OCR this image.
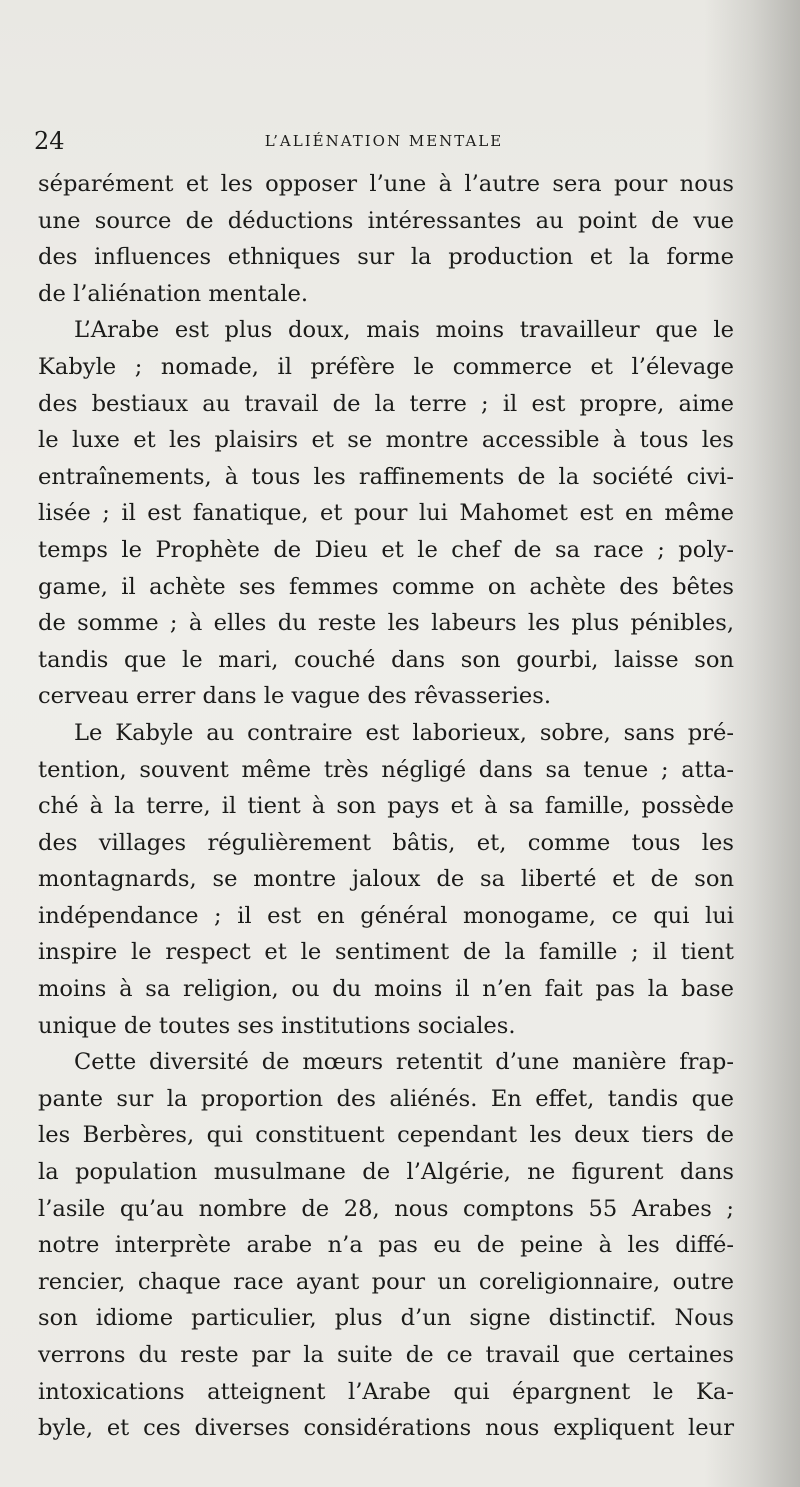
24	L’ALIÉNATION MENTALE
séparément et les opposer l’une à l’autre sera pour nous
une source de déductions intéressantes au point de vue
des influences ethniques sur la production et la forme
de l’aliénation mentale.
L’Arabe est plus doux, mais moins travailleur que le
Kabyle ; nomade, il préfère le commerce et l’élevage
des bestiaux au travail de la terre ; il est propre, aime
le luxe et les plaisirs et se montre accessible à tous les
entraînements, à tous les raffinements de la société civi-
lisée ; il est fanatique, et pour lui Mahomet est en même
temps le Prophète de Dieu et le chef de sa race ; poly-
game, il achète ses femmes comme on achète des bêtes
de somme ; à elles du reste les labeurs les plus pénibles,
tandis que le mari, couché dans son gourbi, laisse son
cerveau errer dans le vague des rêvasseries.
Le Kabyle au contraire est laborieux, sobre, sans pré-
tention, souvent même très négligé dans sa tenue ; atta-
ché à la terre, il tient à son pays et à sa famille, possède
des villages régulièrement bâtis, et, comme tous les
montagnards, se montre jaloux de sa liberté et de son
indépendance ; il est en général monogame, ce qui lui
inspire le respect et le sentiment de la famille ; il tient
moins à sa religion, ou du moins il n’en fait pas la base
unique de toutes ses institutions sociales.
Cette diversité de mœurs retentit d’une manière frap-
pante sur la proportion des aliénés. En effet, tandis que
les Berbères, qui constituent cependant les deux tiers de
la population musulmane de l’Algérie, ne figurent dans
l’asile qu’au nombre de 28, nous comptons 55 Arabes ;
notre interprète arabe n’a pas eu de peine à les diffé-
rencier, chaque race ayant pour un coreligionnaire, outre
son idiome particulier, plus d’un signe distinctif. Nous
verrons du reste par la suite de ce travail que certaines
intoxications atteignent l’Arabe qui épargnent le Ka-
byle, et ces diverses considérations nous expliquent leur
